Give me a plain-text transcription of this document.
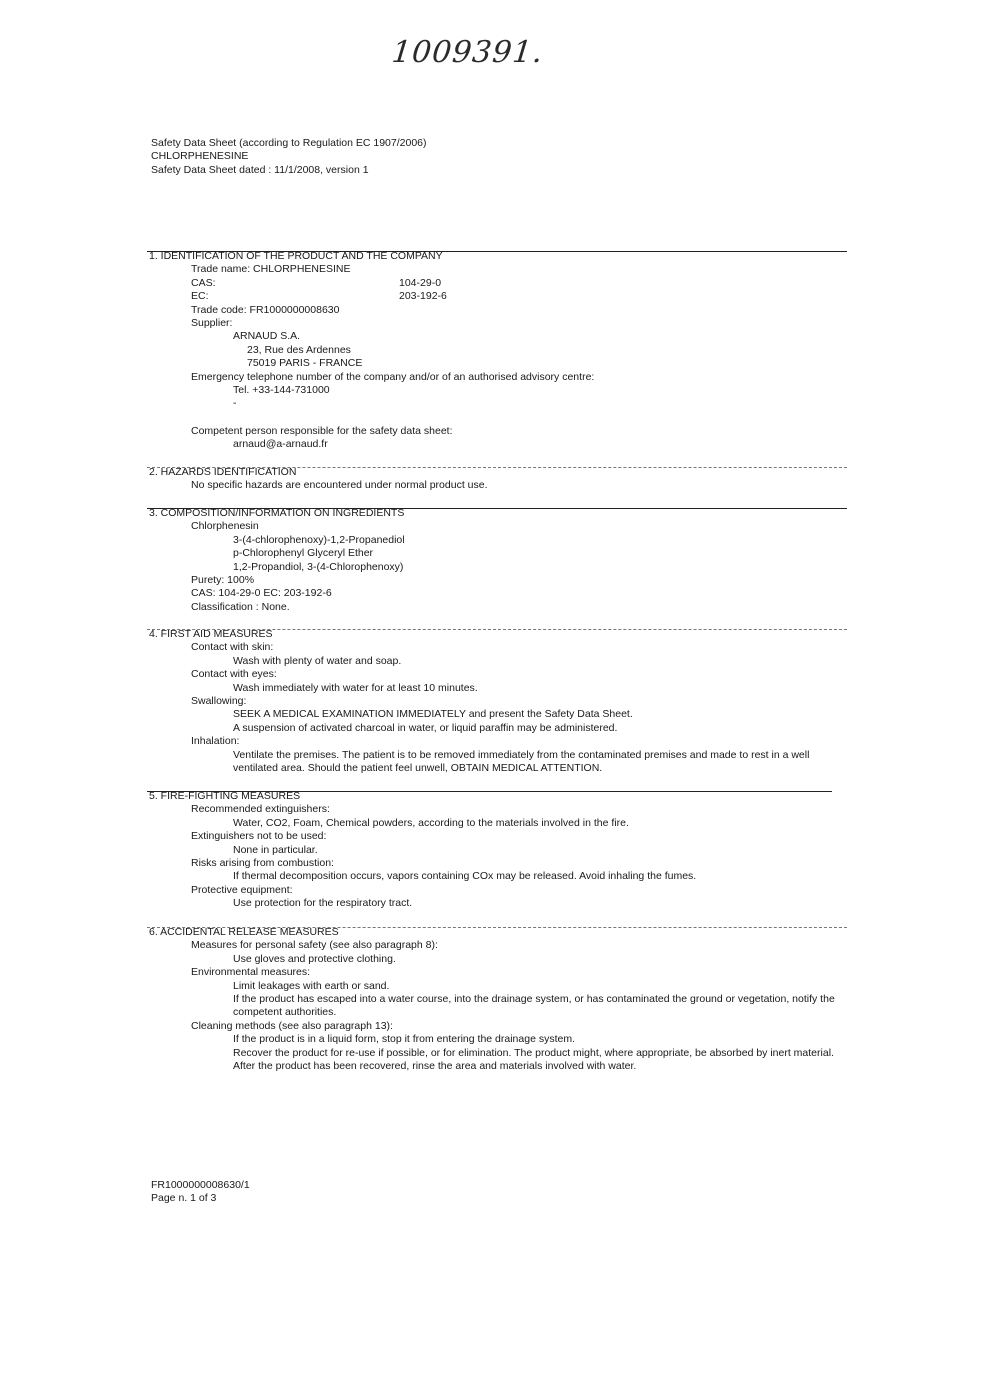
1009391.
Safety Data Sheet (according to Regulation EC 1907/2006)
CHLORPHENESINE
Safety Data Sheet dated : 11/1/2008, version 1
1. IDENTIFICATION OF THE PRODUCT AND THE COMPANY
Trade name: CHLORPHENESINE
CAS:	104-29-0
EC:	203-192-6
Trade code: FR1000000008630
Supplier:
ARNAUD S.A.
23, Rue des Ardennes
75019 PARIS - FRANCE
Emergency telephone number of the company and/or of an authorised advisory centre:
Tel. +33-144-731000
-
Competent person responsible for the safety data sheet:
arnaud@a-arnaud.fr
2. HAZARDS IDENTIFICATION
No specific hazards are encountered under normal product use.
3. COMPOSITION/INFORMATION ON INGREDIENTS
Chlorphenesin
3-(4-chlorophenoxy)-1,2-Propanediol
p-Chlorophenyl Glyceryl Ether
1,2-Propandiol, 3-(4-Chlorophenoxy)
Purety: 100%
CAS: 104-29-0 EC: 203-192-6
Classification : None.
4. FIRST AID MEASURES
Contact with skin:
Wash with plenty of water and soap.
Contact with eyes:
Wash immediately with water for at least 10 minutes.
Swallowing:
SEEK A MEDICAL EXAMINATION IMMEDIATELY and present the Safety Data Sheet.
A suspension of activated charcoal in water, or liquid paraffin may be administered.
Inhalation:
Ventilate the premises. The patient is to be removed immediately from the contaminated premises and made to rest in a well ventilated area. Should the patient feel unwell, OBTAIN MEDICAL ATTENTION.
5. FIRE-FIGHTING MEASURES
Recommended extinguishers:
Water, CO2, Foam, Chemical powders, according to the materials involved in the fire.
Extinguishers not to be used:
None in particular.
Risks arising from combustion:
If thermal decomposition occurs, vapors containing COx may be released. Avoid inhaling the fumes.
Protective equipment:
Use protection for the respiratory tract.
6. ACCIDENTAL RELEASE MEASURES
Measures for personal safety (see also paragraph 8):
Use gloves and protective clothing.
Environmental measures:
Limit leakages with earth or sand.
If the product has escaped into a water course, into the drainage system, or has contaminated the ground or vegetation, notify the competent authorities.
Cleaning methods (see also paragraph 13):
If the product is in a liquid form, stop it from entering the drainage system.
Recover the product for re-use if possible, or for elimination. The product might, where appropriate, be absorbed by inert material.
After the product has been recovered, rinse the area and materials involved with water.
FR1000000008630/1
Page n. 1 of 3
